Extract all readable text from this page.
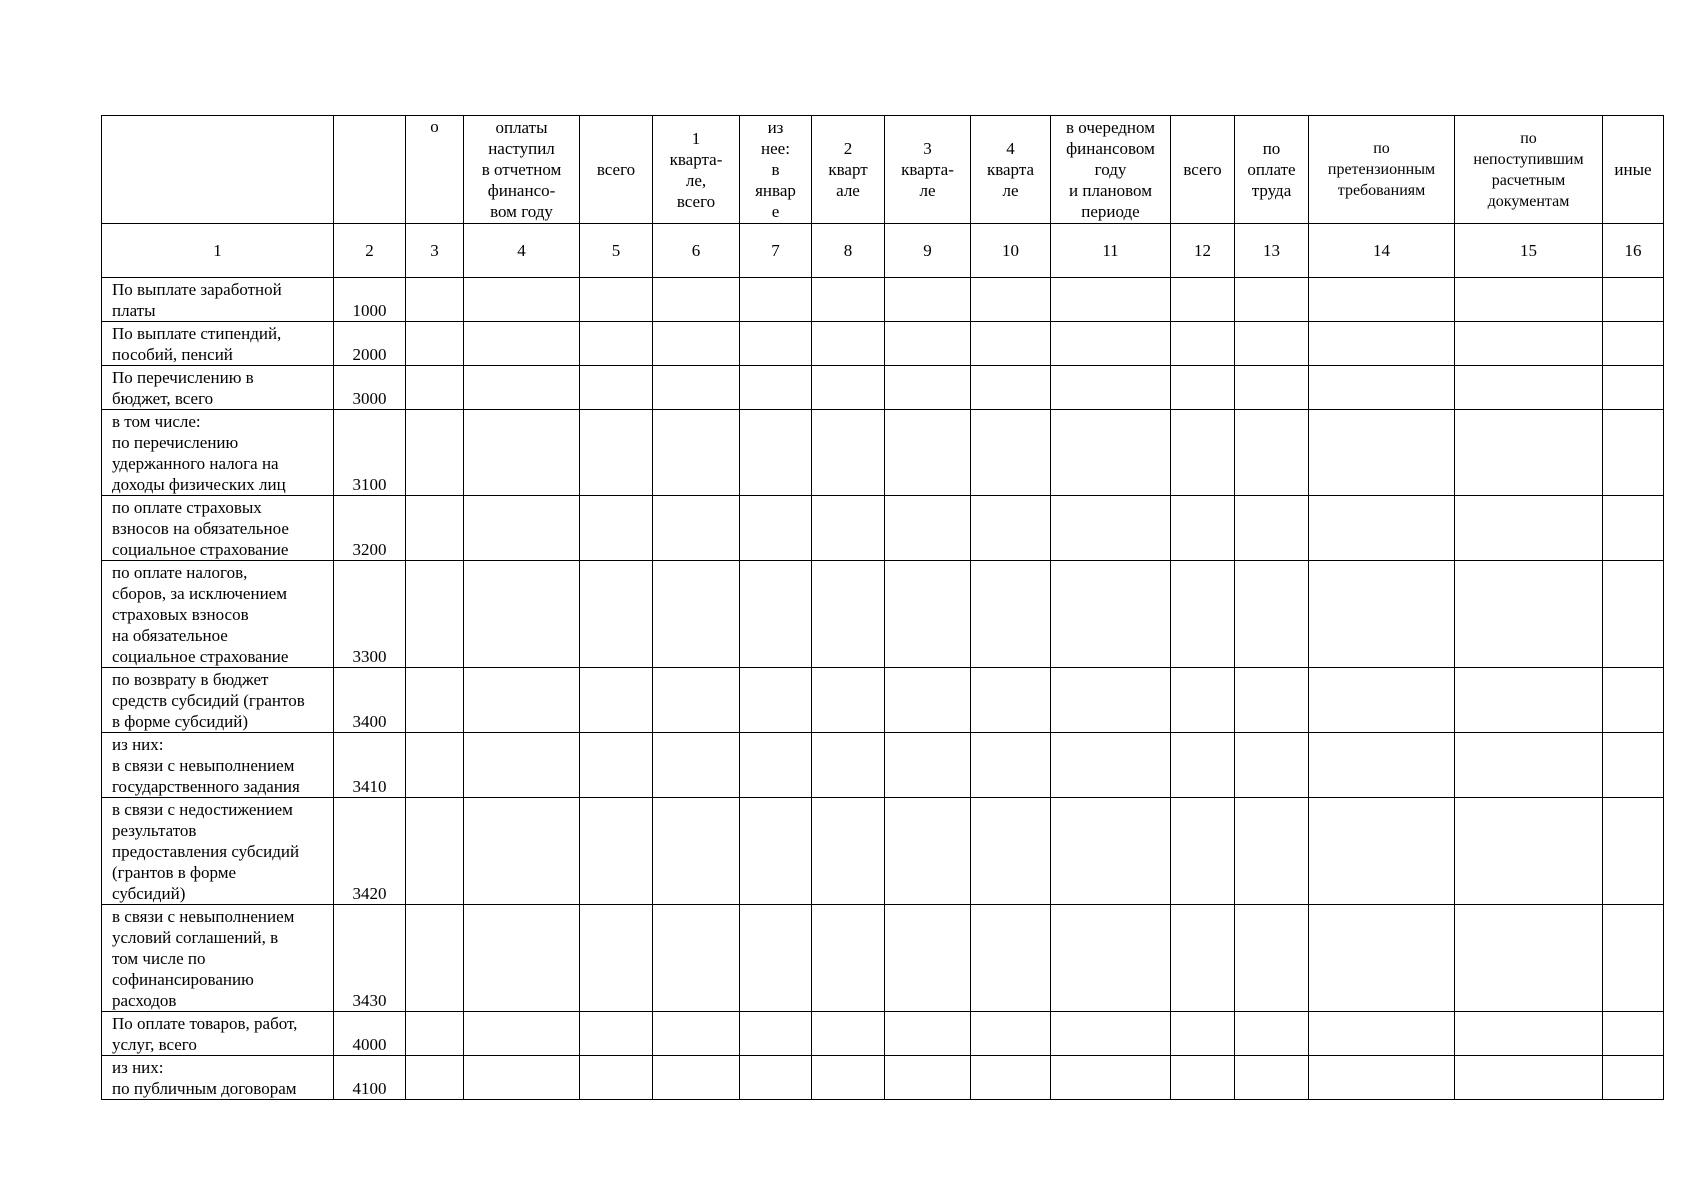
		о	оплаты
наступил
в отчетном
финансо-
вом году	всего	1
кварта-
ле,
всего	из
нее:
в
январ
е	2
кварт
але	3
кварта-
ле	4
кварта
ле	в очередном
финансовом
году
и плановом
периоде	всего	по
оплате
труда	по
претензионным
требованиям	по
непоступившим
расчетным
документам	иные
1	2	3	4	5	6	7	8	9	10	11	12	13	14	15	16
По выплате заработной
платы	1000														
По выплате стипендий,
пособий, пенсий	2000														
По перечислению в
бюджет, всего	3000														
в том числе:
по перечислению
удержанного налога на
доходы физических лиц	3100														
по оплате страховых
взносов на обязательное
социальное страхование	3200														
по оплате налогов,
сборов, за исключением
страховых взносов
на обязательное
социальное страхование	3300														
по возврату в бюджет
средств субсидий (грантов
в форме субсидий)	3400														
из них:
в связи с невыполнением
государственного задания	3410														
в связи с недостижением
результатов
предоставления субсидий
(грантов в форме
субсидий)	3420														
в связи с невыполнением
условий соглашений, в
том числе по
софинансированию
расходов	3430														
По оплате товаров, работ,
услуг, всего	4000														
из них:
по публичным договорам	4100														
